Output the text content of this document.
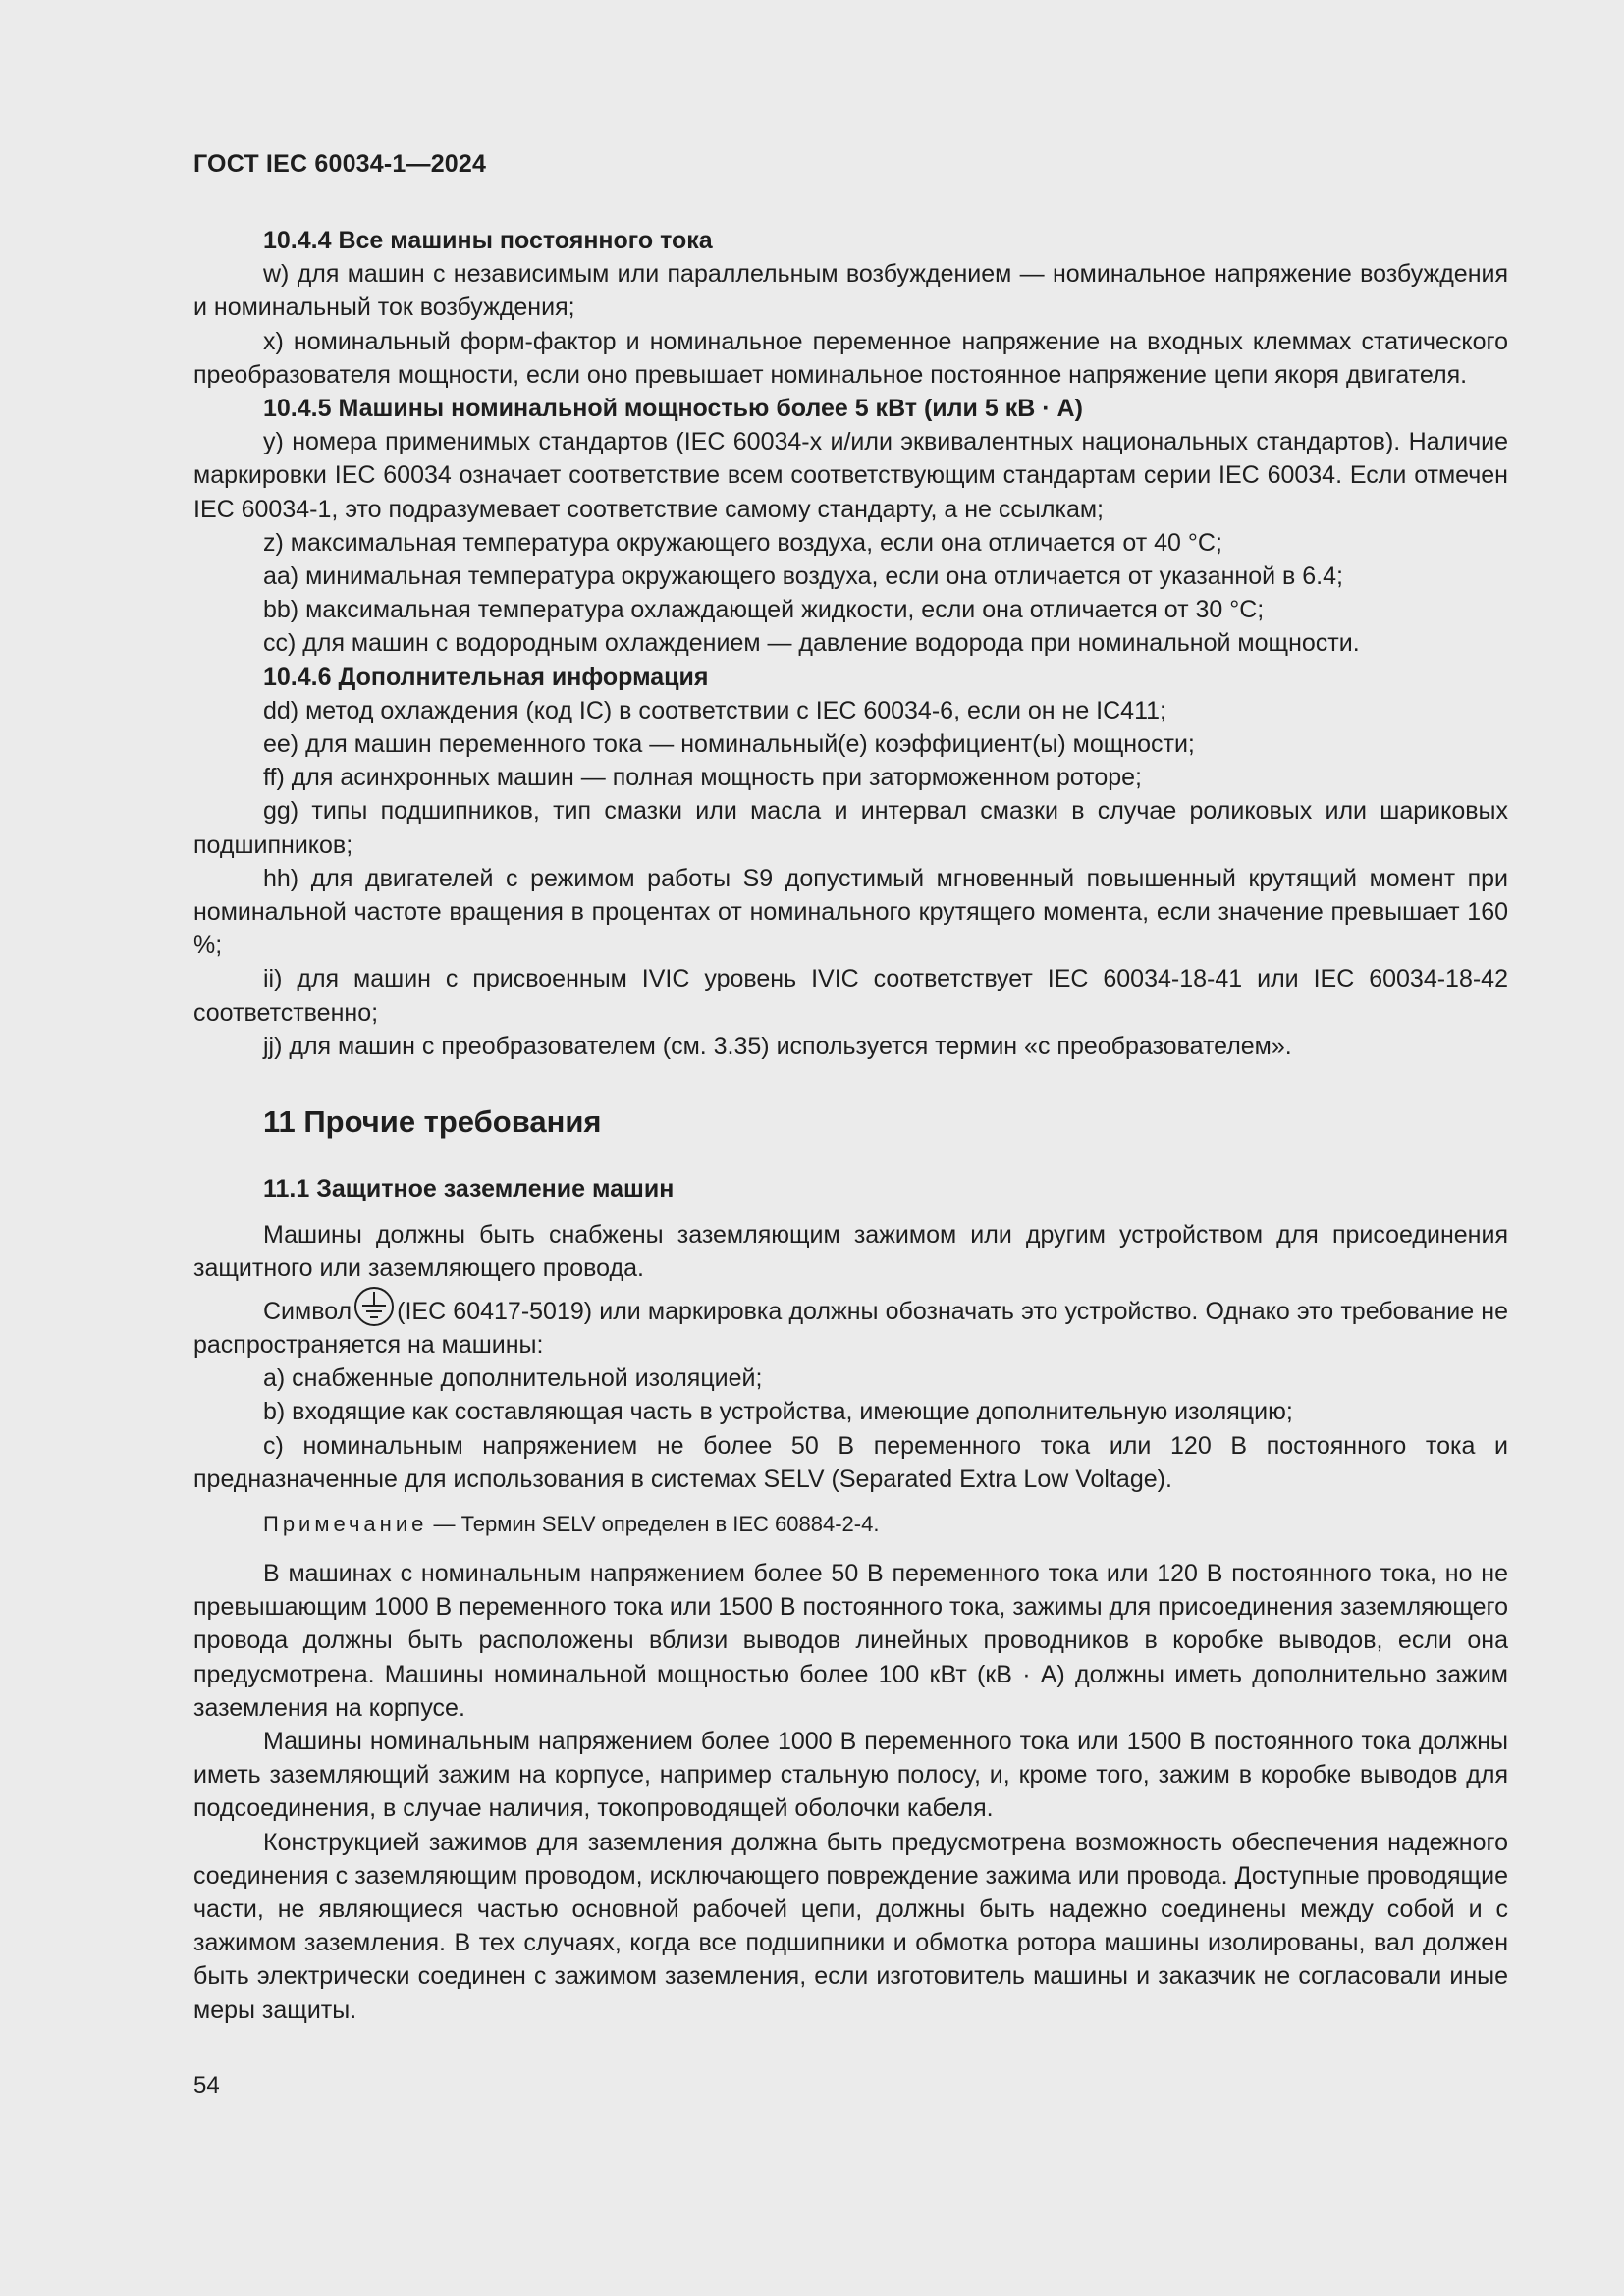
ГОСТ IEC 60034-1—2024

10.4.4 Все машины постоянного тока

w) для машин с независимым или параллельным возбуждением — номинальное напряжение возбуждения и номинальный ток возбуждения;

x) номинальный форм-фактор и номинальное переменное напряжение на входных клеммах статического преобразователя мощности, если оно превышает номинальное постоянное напряжение цепи якоря двигателя.

10.4.5 Машины номинальной мощностью более 5 кВт (или 5 кВ · А)

у) номера применимых стандартов (IEC 60034-х и/или эквивалентных национальных стандартов). Наличие маркировки IEC 60034 означает соответствие всем соответствующим стандартам серии IEC 60034. Если отмечен IEC 60034-1, это подразумевает соответствие самому стандарту, а не ссылкам;

z) максимальная температура окружающего воздуха, если она отличается от 40 °С;

аа) минимальная температура окружающего воздуха, если она отличается от указанной в 6.4;

bb) максимальная температура охлаждающей жидкости, если она отличается от 30 °С;

сс) для машин с водородным охлаждением — давление водорода при номинальной мощности.

10.4.6 Дополнительная информация

dd) метод охлаждения (код IC) в соответствии с IEC 60034-6, если он не IC411;

ее) для машин переменного тока — номинальный(е) коэффициент(ы) мощности;

ff) для асинхронных машин — полная мощность при заторможенном роторе;

gg) типы подшипников, тип смазки или масла и интервал смазки в случае роликовых или шариковых подшипников;

hh) для двигателей с режимом работы S9 допустимый мгновенный повышенный крутящий момент при номинальной частоте вращения в процентах от номинального крутящего момента, если значение превышает 160 %;

ii) для машин с присвоенным IVIC уровень IVIC соответствует IEC 60034-18-41 или IEC 60034-18-42 соответственно;

jj) для машин с преобразователем (см. 3.35) используется термин «с преобразователем».

11 Прочие требования

11.1 Защитное заземление машин

Машины должны быть снабжены заземляющим зажимом или другим устройством для присоединения защитного или заземляющего провода.

Символ (IEC 60417-5019) или маркировка должны обозначать это устройство. Однако это требование не распространяется на машины:

a) снабженные дополнительной изоляцией;

b) входящие как составляющая часть в устройства, имеющие дополнительную изоляцию;

c) номинальным напряжением не более 50 В переменного тока или 120 В постоянного тока и предназначенные для использования в системах SELV (Separated Extra Low Voltage).

Примечание — Термин SELV определен в IEC 60884-2-4.

В машинах с номинальным напряжением более 50 В переменного тока или 120 В постоянного тока, но не превышающим 1000 В переменного тока или 1500 В постоянного тока, зажимы для присоединения заземляющего провода должны быть расположены вблизи выводов линейных проводников в коробке выводов, если она предусмотрена. Машины номинальной мощностью более 100 кВт (кВ · А) должны иметь дополнительно зажим заземления на корпусе.

Машины номинальным напряжением более 1000 В переменного тока или 1500 В постоянного тока должны иметь заземляющий зажим на корпусе, например стальную полосу, и, кроме того, зажим в коробке выводов для подсоединения, в случае наличия, токопроводящей оболочки кабеля.

Конструкцией зажимов для заземления должна быть предусмотрена возможность обеспечения надежного соединения с заземляющим проводом, исключающего повреждение зажима или провода. Доступные проводящие части, не являющиеся частью основной рабочей цепи, должны быть надежно соединены между собой и с зажимом заземления. В тех случаях, когда все подшипники и обмотка ротора машины изолированы, вал должен быть электрически соединен с зажимом заземления, если изготовитель машины и заказчик не согласовали иные меры защиты.

54
